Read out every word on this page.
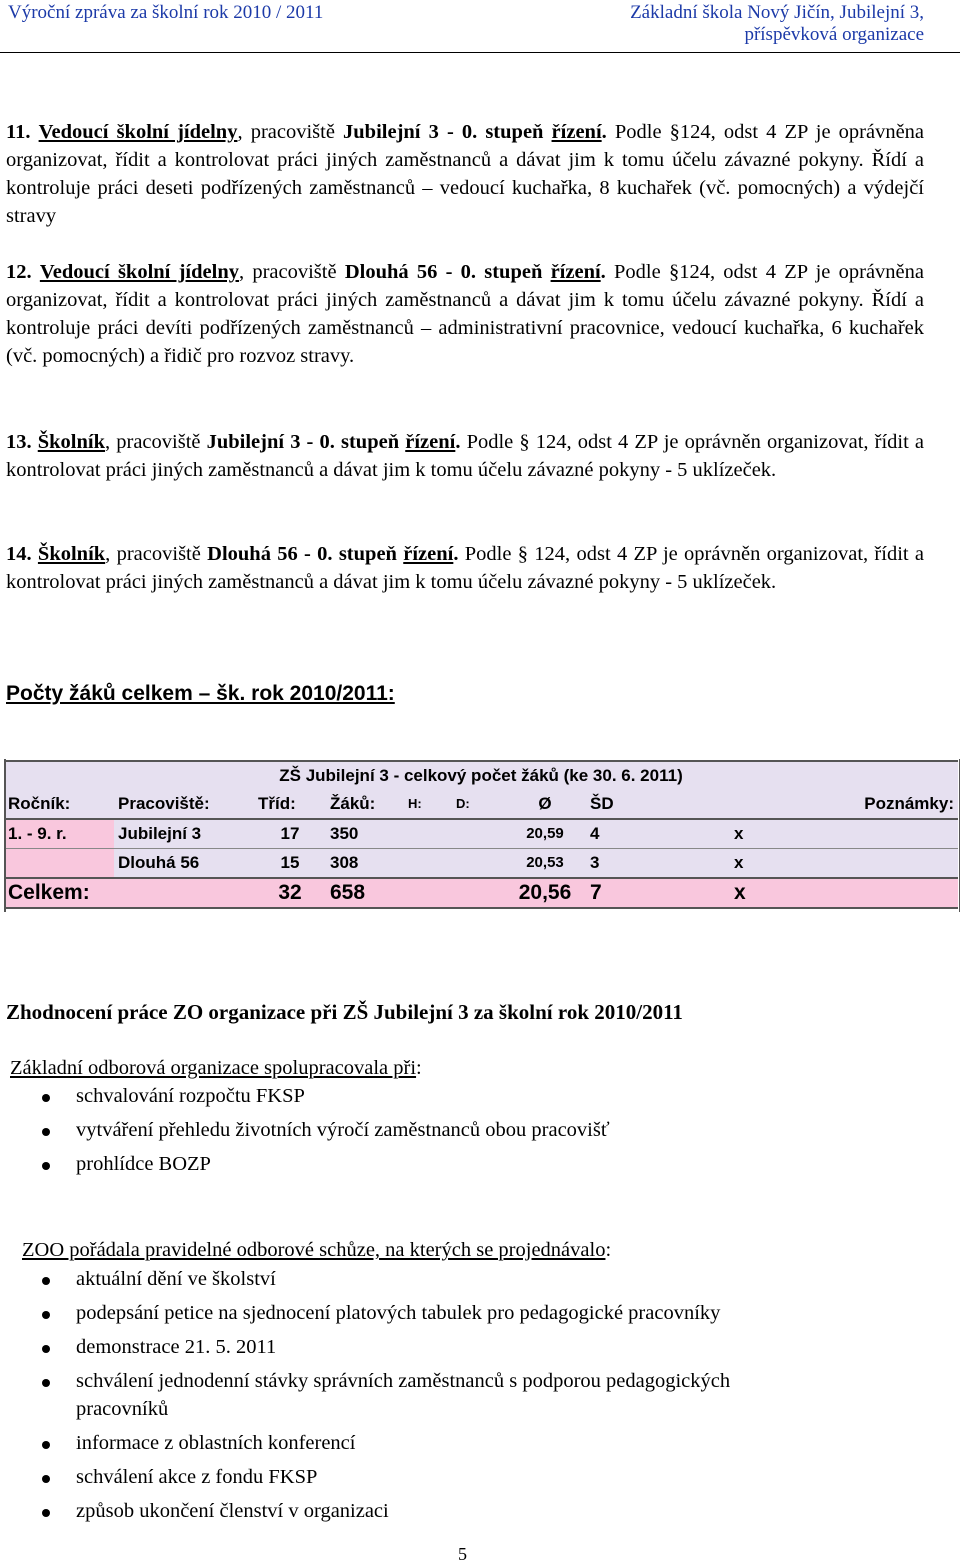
Výroční zpráva za školní rok 2010 / 2011	Základní škola Nový Jičín, Jubilejní 3,
příspěvková organizace
11. Vedoucí školní jídelny, pracoviště Jubilejní 3 - 0. stupeň řízení. Podle §124, odst 4 ZP je oprávněna organizovat, řídit a kontrolovat práci jiných zaměstnanců a dávat jim k tomu účelu závazné pokyny. Řídí a kontroluje práci deseti podřízených zaměstnanců – vedoucí kuchařka, 8 kuchařek (vč. pomocných) a výdejčí stravy
12. Vedoucí školní jídelny, pracoviště Dlouhá 56 - 0. stupeň řízení. Podle §124, odst 4 ZP je oprávněna organizovat, řídit a kontrolovat práci jiných zaměstnanců a dávat jim k tomu účelu závazné pokyny. Řídí a kontroluje práci devíti podřízených zaměstnanců – administrativní pracovnice, vedoucí kuchařka, 6 kuchařek (vč. pomocných) a řidič pro rozvoz stravy.
13. Školník, pracoviště Jubilejní 3 - 0. stupeň řízení. Podle § 124, odst 4 ZP je oprávněn organizovat, řídit a kontrolovat práci jiných zaměstnanců a dávat jim k tomu účelu závazné pokyny - 5 uklízeček.
14. Školník, pracoviště Dlouhá 56 - 0. stupeň řízení. Podle § 124, odst 4 ZP je oprávněn organizovat, řídit a kontrolovat práci jiných zaměstnanců a dávat jim k tomu účelu závazné pokyny - 5 uklízeček.
Počty žáků celkem – šk. rok 2010/2011:
ZŠ Jubilejní 3 - celkový počet žáků (ke 30. 6. 2011)										
Ročník:	Pracoviště:	Tříd:	Žáků:	H:	D:	Ø	ŠD			Poznámky:
1. - 9. r.	Jubilejní 3	17	350			20,59	4		x	
	Dlouhá 56	15	308			20,53	3		x	
Celkem:		32	658			20,56	7		x	
Zhodnocení práce ZO organizace při ZŠ Jubilejní 3 za školní rok 2010/2011
Základní odborová organizace spolupracovala při:
schvalování rozpočtu FKSP
vytváření přehledu životních výročí zaměstnanců obou pracovišť
prohlídce BOZP
ZOO pořádala pravidelné odborové schůze, na kterých se projednávalo:
aktuální dění ve školství
podepsání petice na sjednocení platových tabulek pro pedagogické pracovníky
demonstrace 21. 5. 2011
schválení jednodenní stávky správních zaměstnanců s podporou pedagogických pracovníků
informace z oblastních konferencí
schválení akce z fondu FKSP
způsob ukončení členství v organizaci
5
